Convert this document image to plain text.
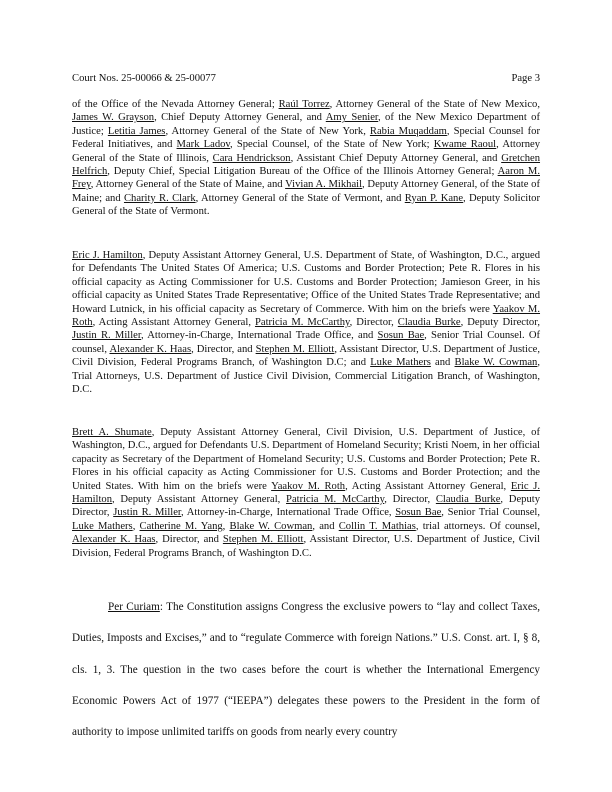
Court Nos. 25-00066 & 25-00077	Page 3
of the Office of the Nevada Attorney General; Raúl Torrez, Attorney General of the State of New Mexico, James W. Grayson, Chief Deputy Attorney General, and Amy Senier, of the New Mexico Department of Justice; Letitia James, Attorney General of the State of New York, Rabia Muqaddam, Special Counsel for Federal Initiatives, and Mark Ladov, Special Counsel, of the State of New York; Kwame Raoul, Attorney General of the State of Illinois, Cara Hendrickson, Assistant Chief Deputy Attorney General, and Gretchen Helfrich, Deputy Chief, Special Litigation Bureau of the Office of the Illinois Attorney General; Aaron M. Frey, Attorney General of the State of Maine, and Vivian A. Mikhail, Deputy Attorney General, of the State of Maine; and Charity R. Clark, Attorney General of the State of Vermont, and Ryan P. Kane, Deputy Solicitor General of the State of Vermont.
Eric J. Hamilton, Deputy Assistant Attorney General, U.S. Department of State, of Washington, D.C., argued for Defendants The United States Of America; U.S. Customs and Border Protection; Pete R. Flores in his official capacity as Acting Commissioner for U.S. Customs and Border Protection; Jamieson Greer, in his official capacity as United States Trade Representative; Office of the United States Trade Representative; and Howard Lutnick, in his official capacity as Secretary of Commerce. With him on the briefs were Yaakov M. Roth, Acting Assistant Attorney General, Patricia M. McCarthy, Director, Claudia Burke, Deputy Director, Justin R. Miller, Attorney-in-Charge, International Trade Office, and Sosun Bae, Senior Trial Counsel. Of counsel, Alexander K. Haas, Director, and Stephen M. Elliott, Assistant Director, U.S. Department of Justice, Civil Division, Federal Programs Branch, of Washington D.C; and Luke Mathers and Blake W. Cowman, Trial Attorneys, U.S. Department of Justice Civil Division, Commercial Litigation Branch, of Washington, D.C.
Brett A. Shumate, Deputy Assistant Attorney General, Civil Division, U.S. Department of Justice, of Washington, D.C., argued for Defendants U.S. Department of Homeland Security; Kristi Noem, in her official capacity as Secretary of the Department of Homeland Security; U.S. Customs and Border Protection; Pete R. Flores in his official capacity as Acting Commissioner for U.S. Customs and Border Protection; and the United States. With him on the briefs were Yaakov M. Roth, Acting Assistant Attorney General, Eric J. Hamilton, Deputy Assistant Attorney General, Patricia M. McCarthy, Director, Claudia Burke, Deputy Director, Justin R. Miller, Attorney-in-Charge, International Trade Office, Sosun Bae, Senior Trial Counsel, Luke Mathers, Catherine M. Yang, Blake W. Cowman, and Collin T. Mathias, trial attorneys. Of counsel, Alexander K. Haas, Director, and Stephen M. Elliott, Assistant Director, U.S. Department of Justice, Civil Division, Federal Programs Branch, of Washington D.C.
Per Curiam: The Constitution assigns Congress the exclusive powers to “lay and collect Taxes, Duties, Imposts and Excises,” and to “regulate Commerce with foreign Nations.” U.S. Const. art. I, § 8, cls. 1, 3. The question in the two cases before the court is whether the International Emergency Economic Powers Act of 1977 (“IEEPA”) delegates these powers to the President in the form of authority to impose unlimited tariffs on goods from nearly every country
